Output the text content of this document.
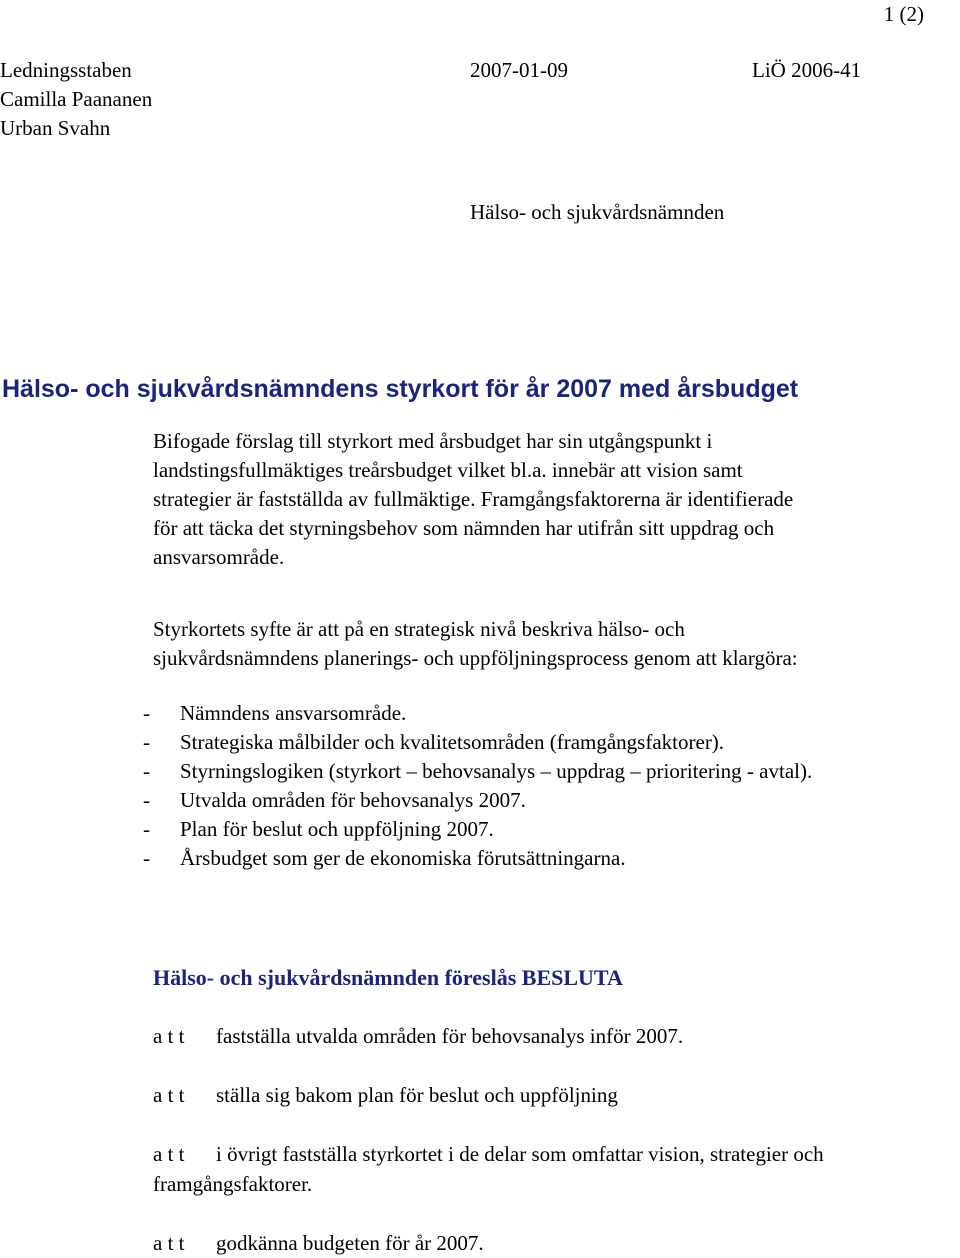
1 (2)
Ledningsstaben	2007-01-09	LiÖ 2006-41
Camilla Paananen
Urban Svahn
Hälso- och sjukvårdsnämnden
Hälso- och sjukvårdsnämndens styrkort för år 2007 med årsbudget

Bifogade förslag till styrkort med årsbudget har sin utgångspunkt i

landstingsfullmäktiges treårsbudget vilket bl.a. innebär att vision samt

strategier är fastställda av fullmäktige. Framgångsfaktorerna är identifierade

för att täcka det styrningsbehov som nämnden har utifrån sitt uppdrag och

ansvarsområde.

Styrkortets syfte är att på en strategisk nivå beskriva hälso- och

sjukvårdsnämndens planerings- och uppföljningsprocess genom att klargöra:

-	Nämndens ansvarsområde.
-	Strategiska målbilder och kvalitetsområden (framgångsfaktorer).
-	Styrningslogiken (styrkort – behovsanalys – uppdrag – prioritering - avtal).
-	Utvalda områden för behovsanalys 2007.
-	Plan för beslut och uppföljning 2007.
-	Årsbudget som ger de ekonomiska förutsättningarna.
Hälso- och sjukvårdsnämnden föreslås BESLUTA
a t t fastställa utvalda områden för behovsanalys inför 2007.
a t t ställa sig bakom plan för beslut och uppföljning
a t t i övrigt fastställa styrkortet i de delar som omfattar vision, strategier och
framgångsfaktorer.
a t t godkänna budgeten för år 2007.
